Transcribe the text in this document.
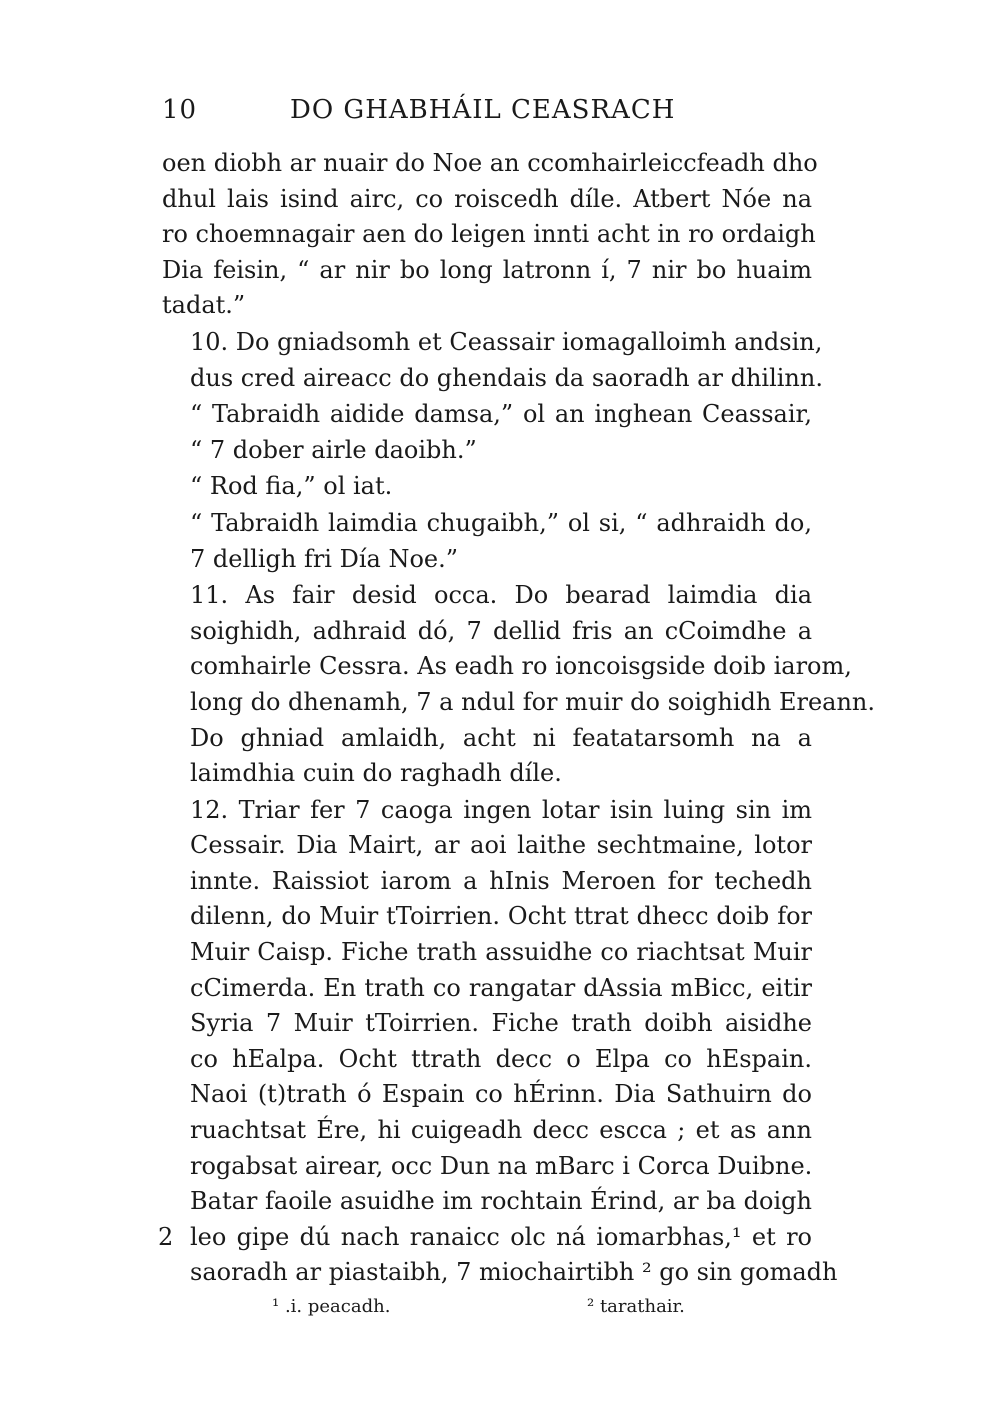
10	DO GHABHÁIL CEASRACH

oen diobh ar nuair do Noe an ccomhairleiccfeadh dho
dhul lais isind airc, co roiscedh díle. Atbert Nóe na
ro choemnagair aen do leigen innti acht in ro ordaigh
Dia feisin, “ ar nir bo long latronn í, 7 nir bo huaim
tadat.”

10. Do gniadsomh et Ceassair iomagalloimh andsin,
dus cred aireacc do ghendais da saoradh ar dhilinn.

“ Tabraidh aidide damsa,” ol an inghean Ceassair,
“ 7 dober airle daoibh.”

“ Rod fia,” ol iat.

“ Tabraidh laimdia chugaibh,” ol si, “ adhraidh do,
7 delligh fri Día Noe.”

11. As fair desid occa. Do bearad laimdia dia
soighidh, adhraid dó, 7 dellid fris an cCoimdhe a
comhairle Cessra. As eadh ro ioncoisgside doib iarom,
long do dhenamh, 7 a ndul for muir do soighidh Ereann.
Do ghniad amlaidh, acht ni featatarsomh na a
laimdhia cuin do raghadh díle.

12. Triar fer 7 caoga ingen lotar isin luing sin im
Cessair. Dia Mairt, ar aoi laithe sechtmaine, lotor
innte. Raissiot iarom a hInis Meroen for techedh
dilenn, do Muir tToirrien. Ocht ttrat dhecc doib for
Muir Caisp. Fiche trath assuidhe co riachtsat Muir
cCimerda. En trath co rangatar dAssia mBicc, eitir
Syria 7 Muir tToirrien. Fiche trath doibh aisidhe
co hEalpa. Ocht ttrath decc o Elpa co hEspain.
Naoi (t)trath ó Espain co hÉrinn. Dia Sathuirn do
ruachtsat Ére, hi cuigeadh decc escca ; et as ann
rogabsat airear, occ Dun na mBarc i Corca Duibne.
Batar faoile asuidhe im rochtain Érind, ar ba doigh
2 leo gipe dú nach ranaicc olc ná iomarbhas,¹ et ro
saoradh ar piastaibh, 7 miochairtibh ² go sin gomadh

¹ .i. peacadh.	² tarathair.
